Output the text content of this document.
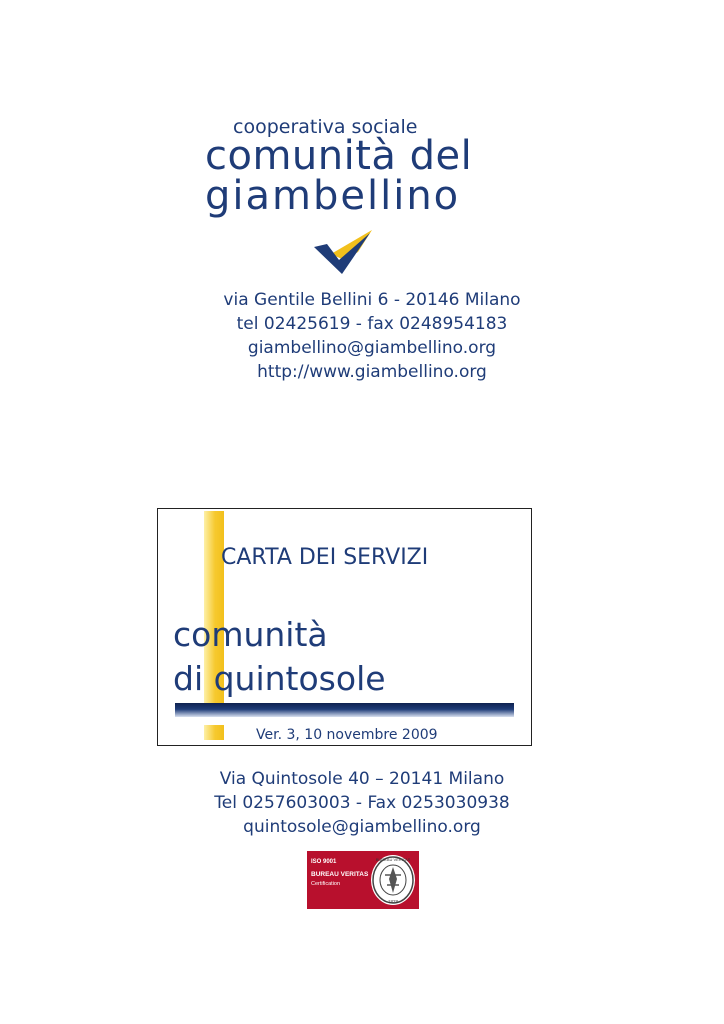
cooperativa sociale
comunità del
giambellino
via Gentile Bellini 6 - 20146 Milano
tel 02425619 - fax 0248954183
giambellino@giambellino.org
http://www.giambellino.org
CARTA DEI SERVIZI
comunità
di quintosole
Ver. 3, 10 novembre 2009
Via Quintosole 40 – 20141 Milano
Tel 0257603003 - Fax 0253030938
quintosole@giambellino.org
ISO 9001
BUREAU VERITAS
Certification
BUREAU VERITAS
1828
